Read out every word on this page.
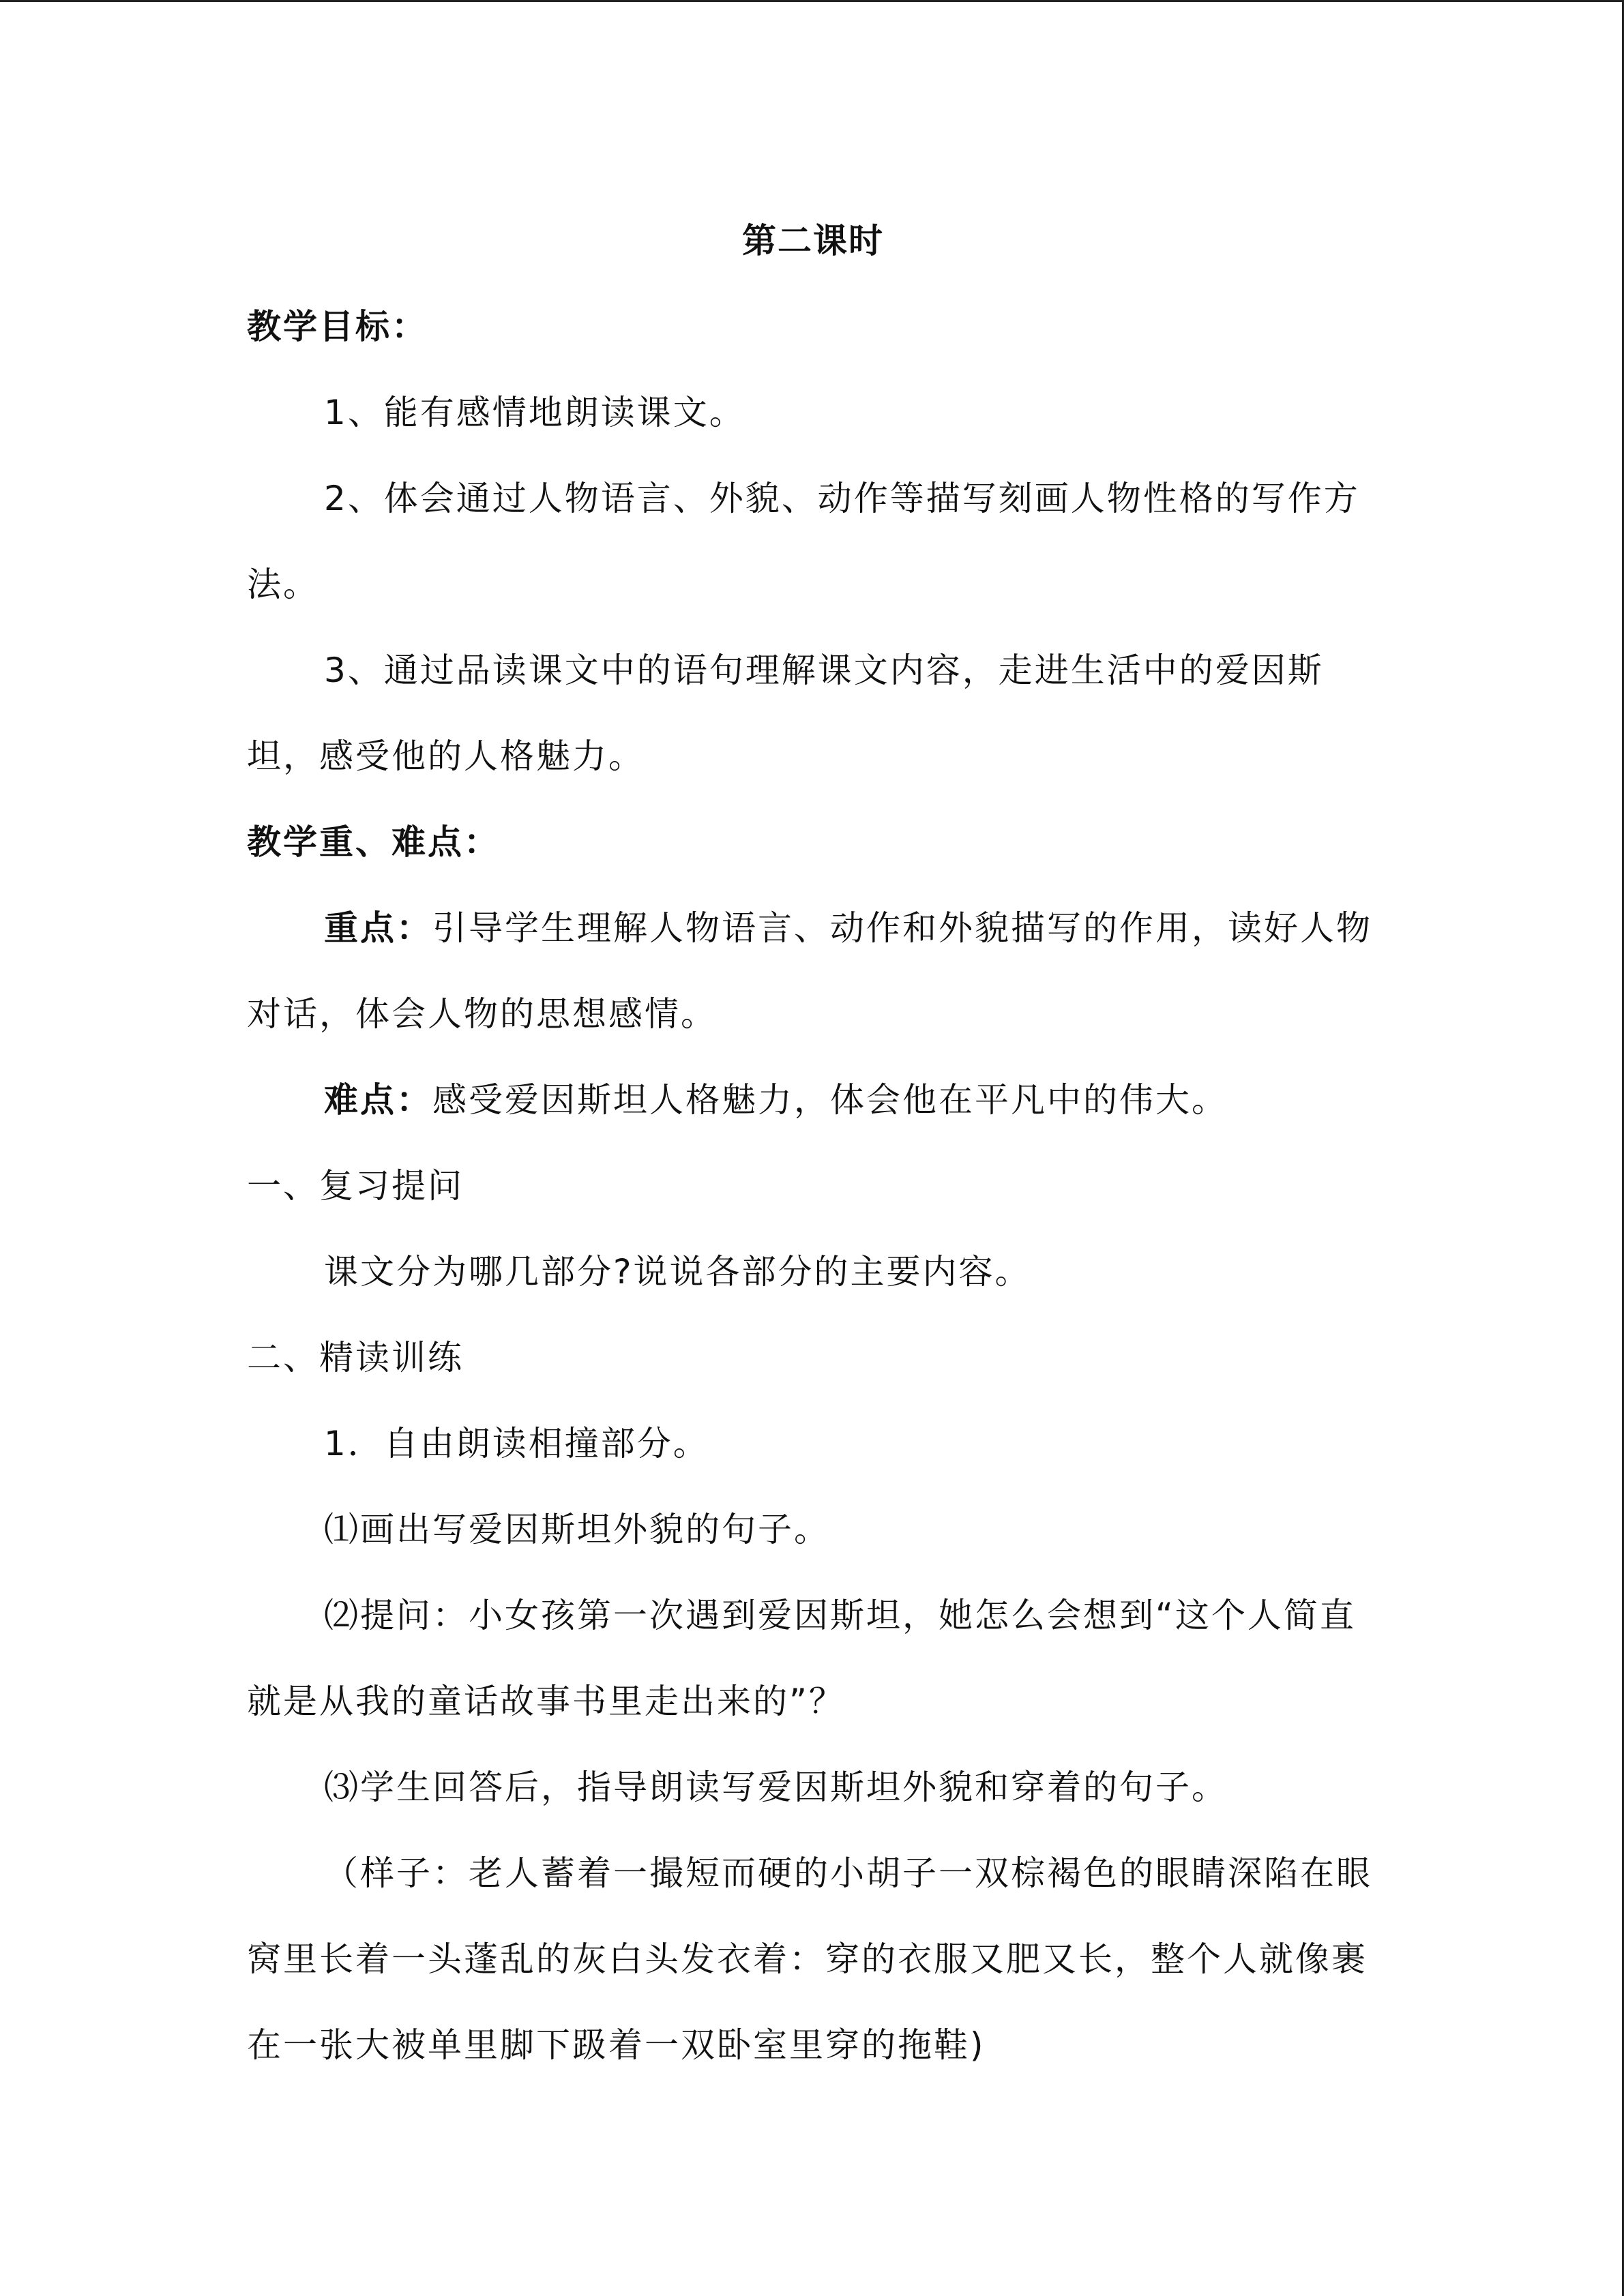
第二课时

教学目标：

1、能有感情地朗读课文。

2、体会通过人物语言、外貌、动作等描写刻画人物性格的写作方法。

3、通过品读课文中的语句理解课文内容，走进生活中的爱因斯坦，感受他的人格魅力。

教学重、难点：

重点：引导学生理解人物语言、动作和外貌描写的作用，读好人物对话，体会人物的思想感情。

难点：感受爱因斯坦人格魅力，体会他在平凡中的伟大。

一、复习提问

课文分为哪几部分?说说各部分的主要内容。

二、精读训练

1．自由朗读相撞部分。

⑴画出写爱因斯坦外貌的句子。

⑵提问：小女孩第一次遇到爱因斯坦，她怎么会想到“这个人简直就是从我的童话故事书里走出来的”？

⑶学生回答后，指导朗读写爱因斯坦外貌和穿着的句子。

（样子：老人蓄着一撮短而硬的小胡子一双棕褐色的眼睛深陷在眼窝里长着一头蓬乱的灰白头发衣着：穿的衣服又肥又长，整个人就像裹在一张大被单里脚下趿着一双卧室里穿的拖鞋)
